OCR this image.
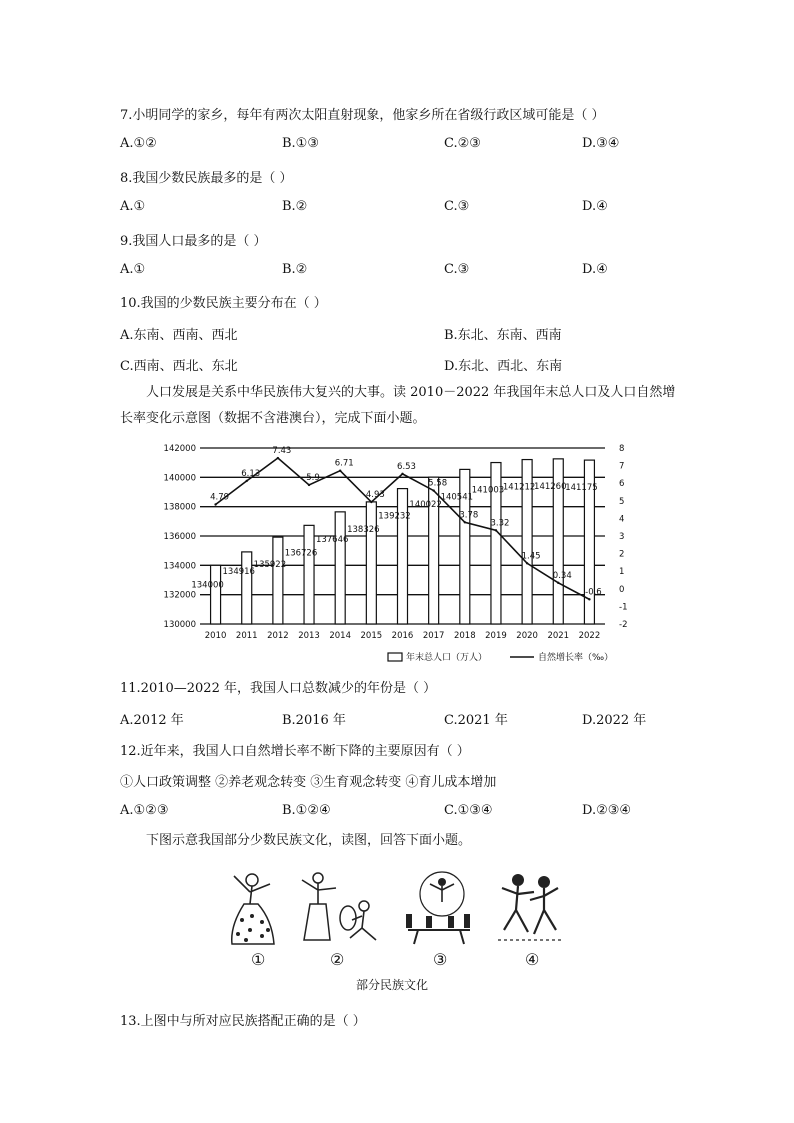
7.小明同学的家乡，每年有两次太阳直射现象，他家乡所在省级行政区域可能是（ ）
A.①②	B.①③	C.②③	D.③④
8.我国少数民族最多的是（ ）
A.①	B.②	C.③	D.④
9.我国人口最多的是（ ）
A.①	B.②	C.③	D.④
10.我国的少数民族主要分布在（ ）
A.东南、西南、西北	B.东北、东南、西南
C.西南、西北、东北	D.东北、西北、东南
人口发展是关系中华民族伟大复兴的大事。读 2010－2022 年我国年末总人口及人口自然增长率变化示意图（数据不含港澳台），完成下面小题。
134000
134916
135922
136726
137646
138326
139232
140022
140541
141003
141212
141260
141175
4.79
6.13
7.43
5.9
6.71
4.93
6.53
5.58
3.78
3.32
1.45
0.34
-0.6
130000
132000
134000
136000
138000
140000
142000
-2
-1
0
1
2
3
4
5
6
7
8
2010 2011 2012 2013 2014 2015 2016 2017 2018 2019 2020 2021 2022
年末总人口（万人）	自然增长率（‰）
11.2010—2022 年，我国人口总数减少的年份是（ ）
A.2012 年	B.2016 年	C.2021 年	D.2022 年
12.近年来，我国人口自然增长率不断下降的主要原因有（ ）
①人口政策调整 ②养老观念转变 ③生育观念转变 ④育儿成本增加
A.①②③	B.①②④	C.①③④	D.②③④
下图示意我国部分少数民族文化，读图，回答下面小题。
①	②	③	④
部分民族文化
13.上图中与所对应民族搭配正确的是（ ）
